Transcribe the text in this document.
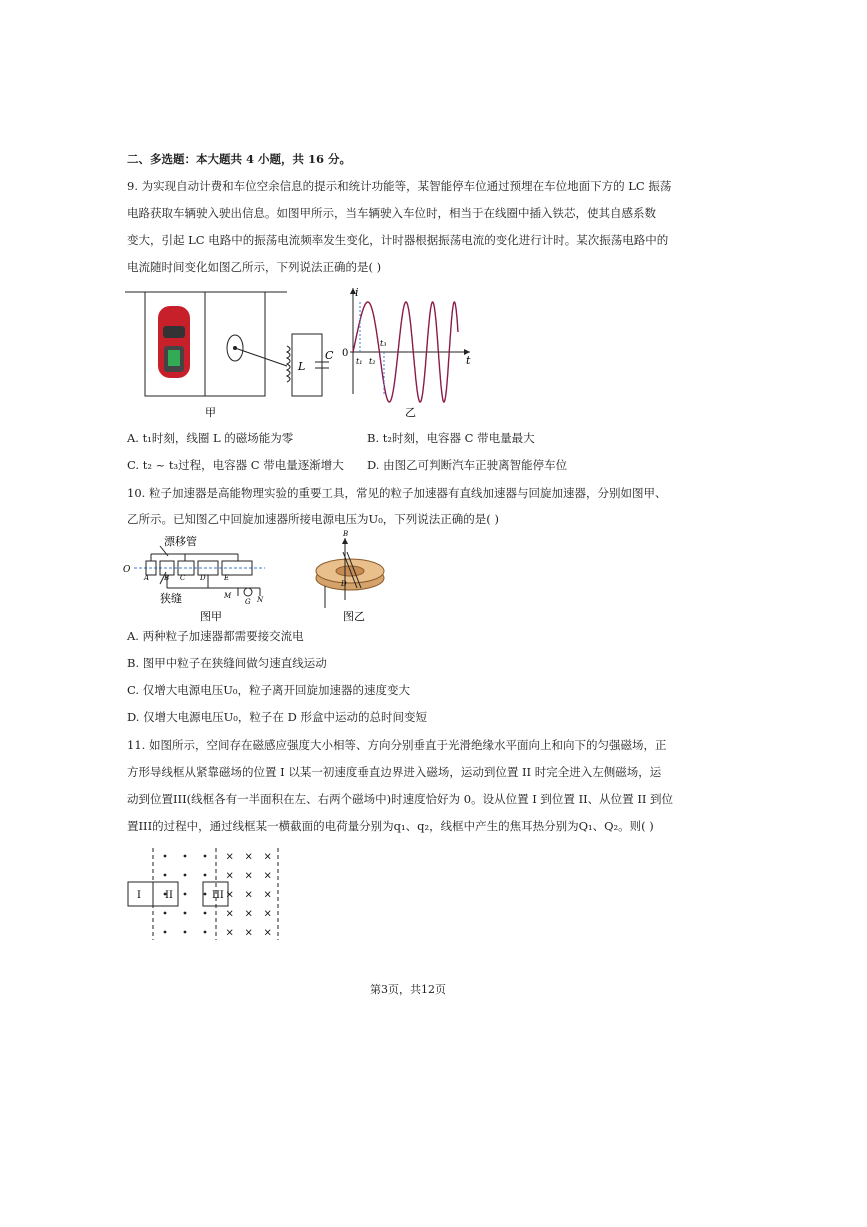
二、多选题：本大题共 4 小题，共 16 分。
9. 为实现自动计费和车位空余信息的提示和统计功能等，某智能停车位通过预埋在车位地面下方的 LC 振荡
电路获取车辆驶入驶出信息。如图甲所示，当车辆驶入车位时，相当于在线圈中插入铁芯，使其自感系数
变大，引起 LC 电路中的振荡电流频率发生变化，计时器根据振荡电流的变化进行计时。某次振荡电路中的
电流随时间变化如图乙所示，下列说法正确的是( )
L
C
甲
i
t
0
t₁ t₂
t₃
乙
A. t₁时刻，线圈 L 的磁场能为零	B. t₂时刻，电容器 C 带电量最大
C. t₂ ~ t₃过程，电容器 C 带电量逐渐增大 D. 由图乙可判断汽车正驶离智能停车位
10. 粒子加速器是高能物理实验的重要工具，常见的粒子加速器有直线加速器与回旋加速器，分别如图甲、
乙所示。已知图乙中回旋加速器所接电源电压为U₀，下列说法正确的是( )
漂移管
狭缝
O
A B C D	E
M
G N
图甲
B
D
图乙
A. 两种粒子加速器都需要接交流电
B. 图甲中粒子在狭缝间做匀速直线运动
C. 仅增大电源电压U₀，粒子离开回旋加速器的速度变大
D. 仅增大电源电压U₀，粒子在 D 形盒中运动的总时间变短
11. 如图所示，空间存在磁感应强度大小相等、方向分别垂直于光滑绝缘水平面向上和向下的匀强磁场，正
方形导线框从紧靠磁场的位置 I 以某一初速度垂直边界进入磁场，运动到位置 II 时完全进入左侧磁场，运
动到位置III(线框各有一半面积在左、右两个磁场中)时速度恰好为 0。设从位置 I 到位置 II、从位置 II 到位
置III的过程中，通过线框某一横截面的电荷量分别为q₁、q₂，线框中产生的焦耳热分别为Q₁、Q₂。则( )
× × ×
× × ×
× × ×
× × ×
× × ×
I II	III
第3页，共12页
